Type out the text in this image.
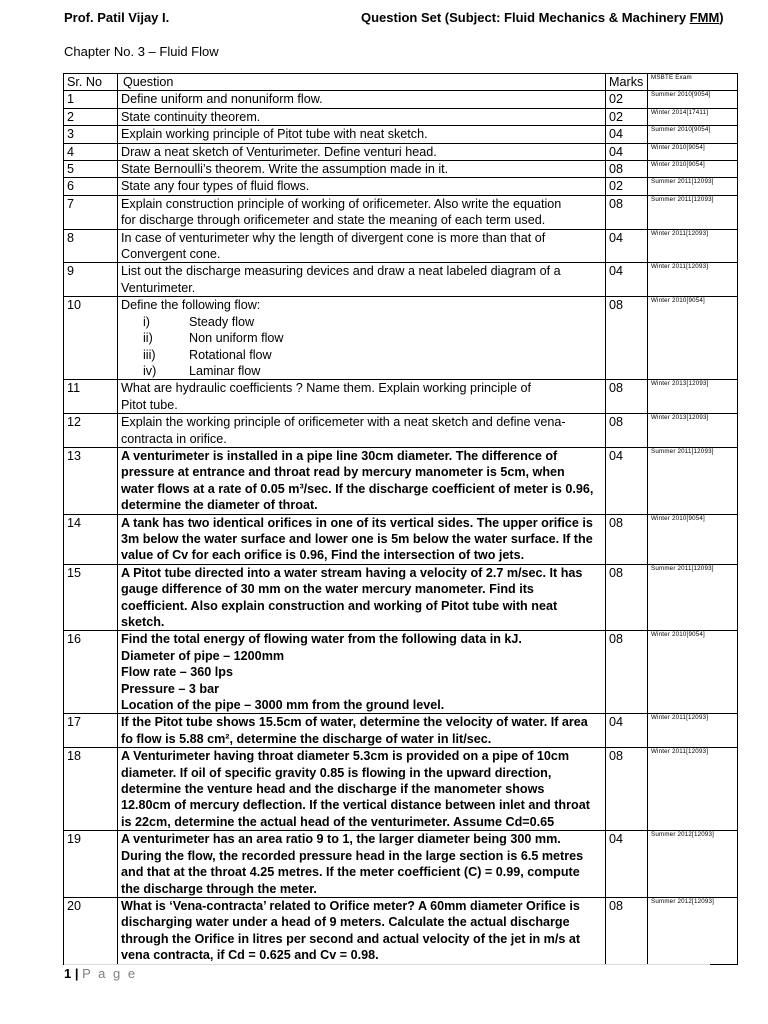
Prof. Patil Vijay I.	Question Set (Subject: Fluid Mechanics & Machinery FMM)
Chapter No. 3 – Fluid Flow
Sr. No	Question	Marks	MSBTE Exam
1	Define uniform and nonuniform flow.	02	Summer 2010[9054]
2	State continuity theorem.	02	Winter 2014[17411]
3	Explain working principle of Pitot tube with neat sketch.	04	Summer 2010[9054]
4	Draw a neat sketch of Venturimeter. Define venturi head.	04	Winter 2010[9054]
5	State Bernoulli’s theorem. Write the assumption made in it.	08	Winter 2010[9054]
6	State any four types of fluid flows.	02	Summer 2011[12093]
7	Explain construction principle of working of orificemeter. Also write the equation
for discharge through orificemeter and state the meaning of each term used.	08	Summer 2011[12093]
8	In case of venturimeter why the length of divergent cone is more than that of
Convergent cone.	04	Winter 2011[12093]
9	List out the discharge measuring devices and draw a neat labeled diagram of a
Venturimeter.	04	Winter 2011[12093]
10	Define the following flow:
i) Steady flow
ii) Non uniform flow
iii) Rotational flow
iv) Laminar flow	08	Winter 2010[9054]
11	What are hydraulic coefficients ? Name them. Explain working principle of
Pitot tube.	08	Winter 2013[12093]
12	Explain the working principle of orificemeter with a neat sketch and define vena-
contracta in orifice.	08	Winter 2013[12093]
13	A venturimeter is installed in a pipe line 30cm diameter. The difference of
pressure at entrance and throat read by mercury manometer is 5cm, when
water flows at a rate of 0.05 m³/sec. If the discharge coefficient of meter is 0.96,
determine the diameter of throat.	04	Summer 2011[12093]
14	A tank has two identical orifices in one of its vertical sides. The upper orifice is
3m below the water surface and lower one is 5m below the water surface. If the
value of Cv for each orifice is 0.96, Find the intersection of two jets.	08	Winter 2010[9054]
15	A Pitot tube directed into a water stream having a velocity of 2.7 m/sec. It has
gauge difference of 30 mm on the water mercury manometer. Find its
coefficient. Also explain construction and working of Pitot tube with neat
sketch.	08	Summer 2011[12093]
16	Find the total energy of flowing water from the following data in kJ.
Diameter of pipe – 1200mm
Flow rate – 360 lps
Pressure – 3 bar
Location of the pipe – 3000 mm from the ground level.	08	Winter 2010[9054]
17	If the Pitot tube shows 15.5cm of water, determine the velocity of water. If area
fo flow is 5.88 cm², determine the discharge of water in lit/sec.	04	Winter 2011[12093]
18	A Venturimeter having throat diameter 5.3cm is provided on a pipe of 10cm
diameter. If oil of specific gravity 0.85 is flowing in the upward direction,
determine the venture head and the discharge if the manometer shows
12.80cm of mercury deflection. If the vertical distance between inlet and throat
is 22cm, determine the actual head of the venturimeter. Assume Cd=0.65	08	Winter 2011[12093]
19	A venturimeter has an area ratio 9 to 1, the larger diameter being 300 mm.
During the flow, the recorded pressure head in the large section is 6.5 metres
and that at the throat 4.25 metres. If the meter coefficient (C) = 0.99, compute
the discharge through the meter.	04	Summer 2012[12093]
20	What is ‘Vena-contracta’ related to Orifice meter? A 60mm diameter Orifice is
discharging water under a head of 9 meters. Calculate the actual discharge
through the Orifice in litres per second and actual velocity of the jet in m/s at
vena contracta, if Cd = 0.625 and Cv = 0.98.	08	Summer 2012[12093]
1 | P a g e
